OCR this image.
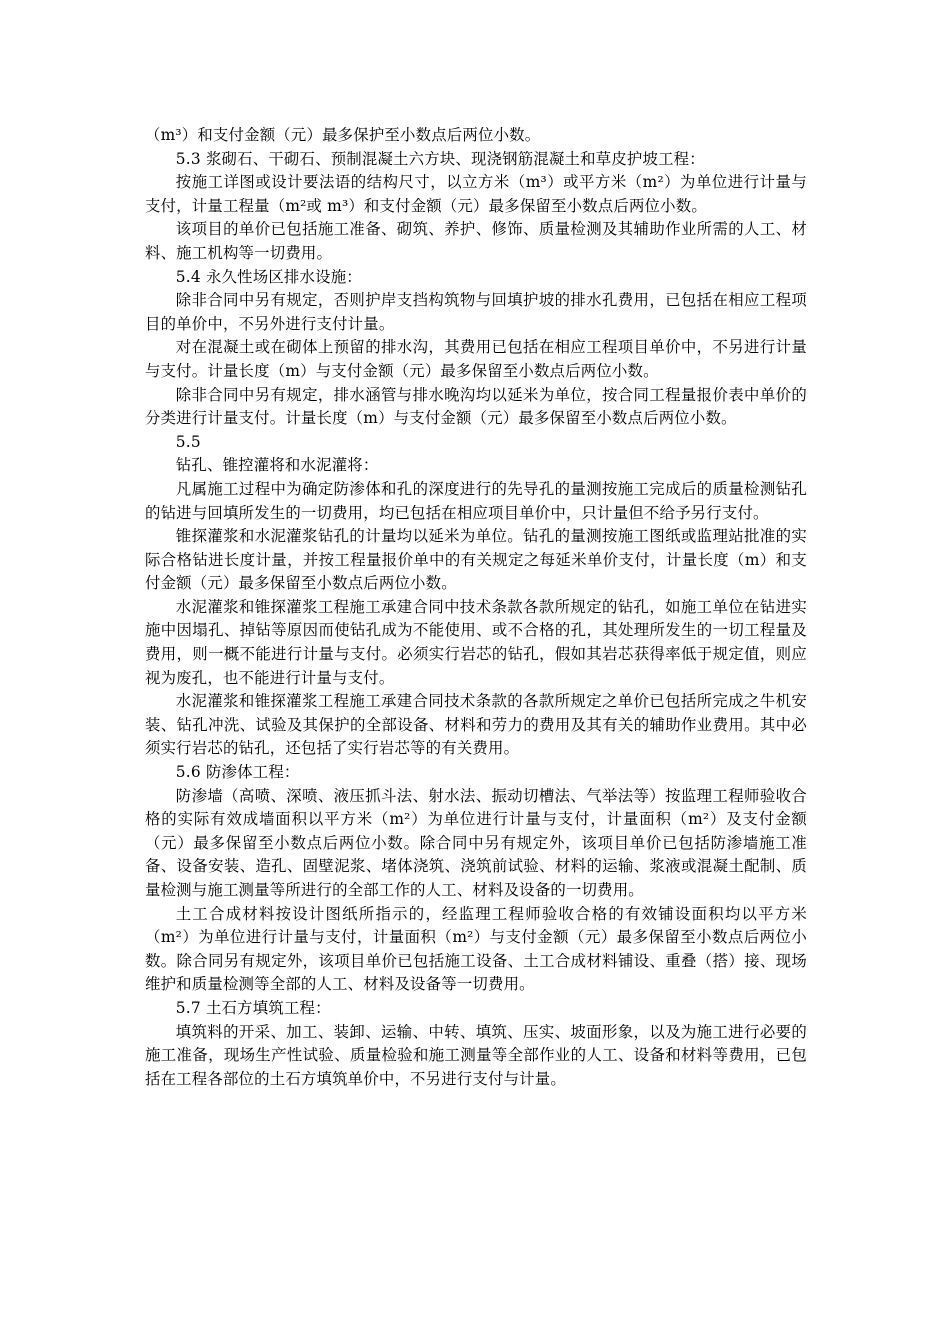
（m³）和支付金额（元）最多保护至小数点后两位小数。

5.3 浆砌石、干砌石、预制混凝土六方块、现浇钢筋混凝土和草皮护坡工程：

按施工详图或设计要法语的结构尺寸，以立方米（m³）或平方米（m²）为单位进行计量与支付，计量工程量（m²或 m³）和支付金额（元）最多保留至小数点后两位小数。

该项目的单价已包括施工准备、砌筑、养护、修饰、质量检测及其辅助作业所需的人工、材料、施工机构等一切费用。

5.4 永久性场区排水设施：

除非合同中另有规定，否则护岸支挡构筑物与回填护坡的排水孔费用，已包括在相应工程项目的单价中，不另外进行支付计量。

对在混凝土或在砌体上预留的排水沟，其费用已包括在相应工程项目单价中，不另进行计量与支付。计量长度（m）与支付金额（元）最多保留至小数点后两位小数。

除非合同中另有规定，排水涵管与排水晚沟均以延米为单位，按合同工程量报价表中单价的分类进行计量支付。计量长度（m）与支付金额（元）最多保留至小数点后两位小数。

5.5

钻孔、锥控灌将和水泥灌将：

凡属施工过程中为确定防渗体和孔的深度进行的先导孔的量测按施工完成后的质量检测钻孔的钻进与回填所发生的一切费用，均已包括在相应项目单价中，只计量但不给予另行支付。

锥探灌浆和水泥灌浆钻孔的计量均以延米为单位。钻孔的量测按施工图纸或监理站批准的实际合格钻进长度计量，并按工程量报价单中的有关规定之每延米单价支付，计量长度（m）和支付金额（元）最多保留至小数点后两位小数。

水泥灌浆和锥探灌浆工程施工承建合同中技术条款各款所规定的钻孔，如施工单位在钻进实施中因塌孔、掉钻等原因而使钻孔成为不能使用、或不合格的孔，其处理所发生的一切工程量及费用，则一概不能进行计量与支付。必须实行岩芯的钻孔，假如其岩芯获得率低于规定值，则应视为废孔，也不能进行计量与支付。

水泥灌浆和锥探灌浆工程施工承建合同技术条款的各款所规定之单价已包括所完成之牛机安装、钻孔冲洗、试验及其保护的全部设备、材料和劳力的费用及其有关的辅助作业费用。其中必须实行岩芯的钻孔，还包括了实行岩芯等的有关费用。

5.6 防渗体工程：

防渗墙（高喷、深喷、液压抓斗法、射水法、振动切槽法、气举法等）按监理工程师验收合格的实际有效成墙面积以平方米（m²）为单位进行计量与支付，计量面积（m²）及支付金额（元）最多保留至小数点后两位小数。除合同中另有规定外，该项目单价已包括防渗墙施工准备、设备安装、造孔、固壁泥浆、堵体浇筑、浇筑前试验、材料的运输、浆液或混凝土配制、质量检测与施工测量等所进行的全部工作的人工、材料及设备的一切费用。

土工合成材料按设计图纸所指示的，经监理工程师验收合格的有效铺设面积均以平方米（m²）为单位进行计量与支付，计量面积（m²）与支付金额（元）最多保留至小数点后两位小数。除合同另有规定外，该项目单价已包括施工设备、土工合成材料铺设、重叠（搭）接、现场维护和质量检测等全部的人工、材料及设备等一切费用。

5.7 土石方填筑工程：

填筑料的开采、加工、装卸、运输、中转、填筑、压实、坡面形象，以及为施工进行必要的施工准备，现场生产性试验、质量检验和施工测量等全部作业的人工、设备和材料等费用，已包括在工程各部位的土石方填筑单价中，不另进行支付与计量。
